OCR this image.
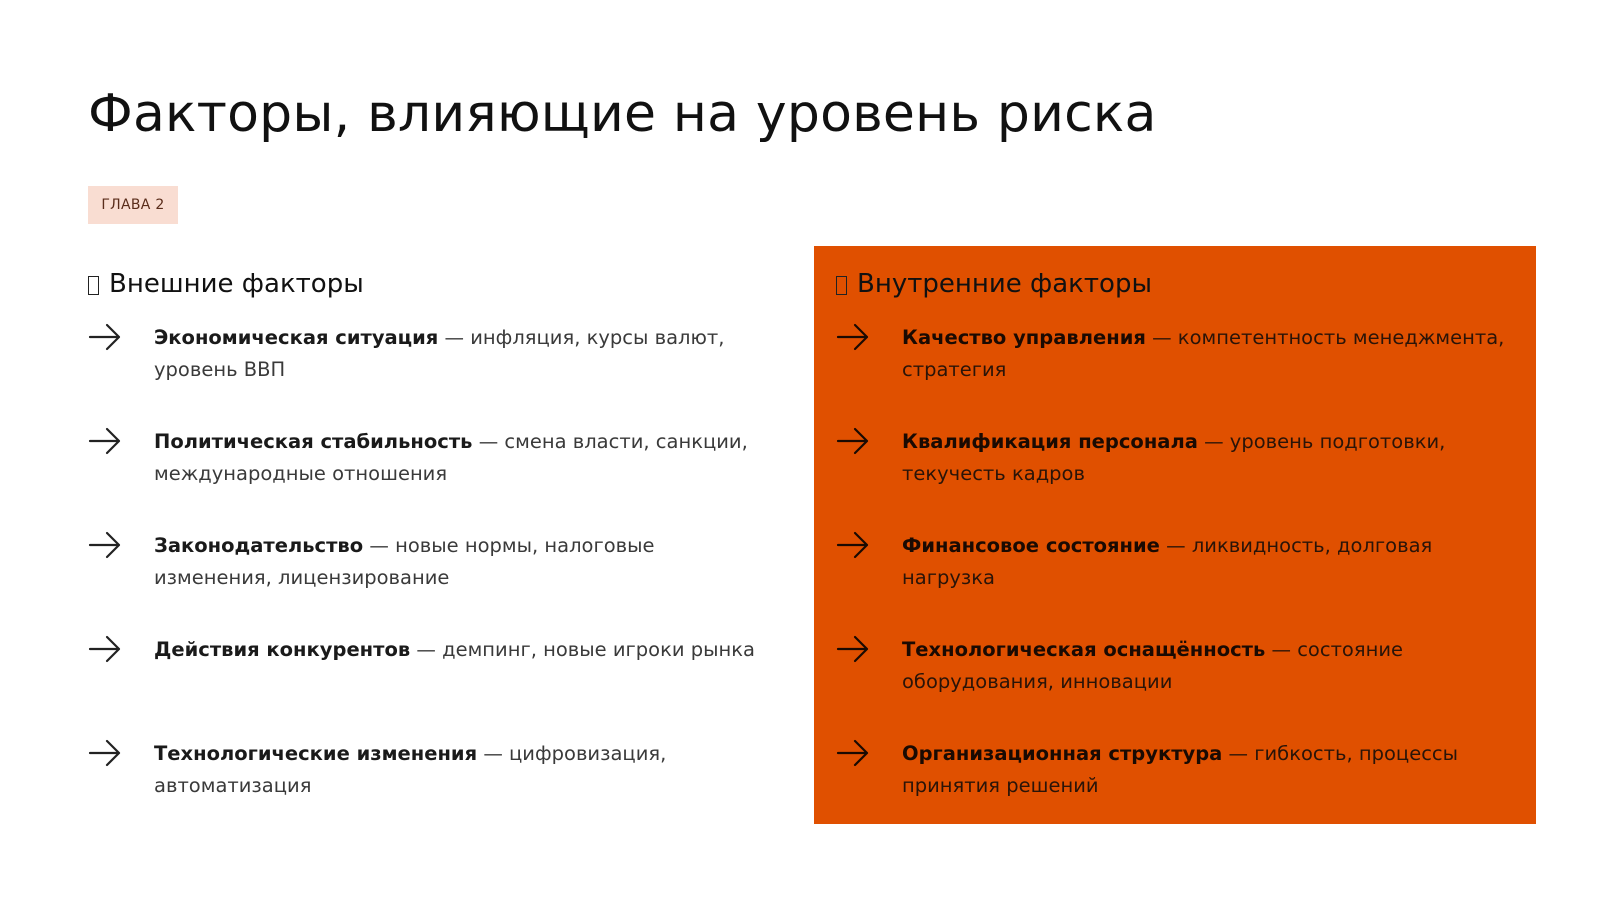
Факторы, влияющие на уровень риска
ГЛАВА 2
Внешние факторы
Экономическая ситуация — инфляция, курсы валют, уровень ВВП
Политическая стабильность — смена власти, санкции, международные отношения
Законодательство — новые нормы, налоговые изменения, лицензирование
Действия конкурентов — демпинг, новые игроки рынка
Технологические изменения — цифровизация, автоматизация
Внутренние факторы
Качество управления — компетентность менеджмента, стратегия
Квалификация персонала — уровень подготовки, текучесть кадров
Финансовое состояние — ликвидность, долговая нагрузка
Технологическая оснащённость — состояние оборудования, инновации
Организационная структура — гибкость, процессы принятия решений
